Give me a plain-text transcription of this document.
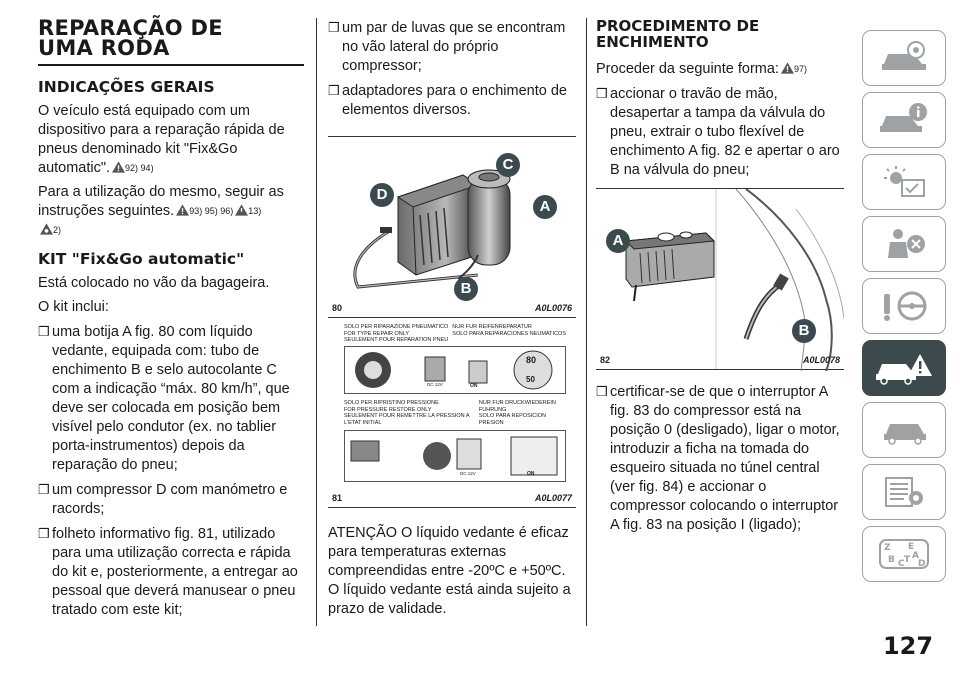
REPARAÇÃO DE
UMA RODA
INDICAÇÕES GERAIS

O veículo está equipado com um dispositivo para a reparação rápida de pneus denominado kit "Fix&Go automatic". 92) 94)

Para a utilização do mesmo, seguir as instruções seguintes. 93) 95) 96) 13)
2)

KIT "Fix&Go automatic"

Está colocado no vão da bagageira.

O kit inclui:

❒ uma botija A fig. 80 com líquido vedante, equipada com: tubo de enchimento B e selo autocolante C com a indicação “máx. 80 km/h”, que deve ser colocada em posição bem visível pelo condutor (ex. no tablier porta-instrumentos) depois da reparação do pneu;
❒ um compressor D com manómetro e racords;
❒ folheto informativo fig. 81, utilizado para uma utilização correcta e rápida do kit e, posteriormente, a entregar ao pessoal que deverá manusear o pneu tratado com este kit;
❒ um par de luvas que se encontram no vão lateral do próprio compressor;
❒ adaptadores para o enchimento de elementos diversos.
C
D
A
B
80	A0L0076
SOLO PER RIPARAZIONE PNEUMATICO
FOR TYPE REPAIR ONLY
SEULEMENT POUR REPARATION PNEU
NUR FUR REIFENREPARATUR
SOLO PARA REPARACIONES NEUMATICOS
DC 12V	ON
80
50
SOLO PER RIPRISTINO PRESSIONE
FOR PRESSURE RESTORE ONLY
SEULEMENT POUR REMETTRE LA PRESSION A L'ETAT INITIAL
NUR FUR DRUCKWIEDEREIN FUHRUNG
SOLO PARA REPOSICION PRESION
DC 12V	ON
81	A0L0077

ATENÇÃO O líquido vedante é eficaz para temperaturas externas compreendidas entre -20ºC e +50ºC. O líquido vedante está ainda sujeito a prazo de validade.

PROCEDIMENTO DE
ENCHIMENTO

Proceder da seguinte forma: 97)

❒ accionar o travão de mão, desapertar a tampa da válvula do pneu, extrair o tubo flexível de enchimento A fig. 82 e apertar o aro B na válvula do pneu;
A
B
82	A0L0078
❒ certificar-se de que o interruptor A fig. 83 do compressor está na posição 0 (desligado), ligar o motor, introduzir a ficha na tomada do esqueiro situada no túnel central (ver fig. 84) e accionar o compressor colocando o interruptor A fig. 83 na posição I (ligado);
Z E
A
B C T D
127
